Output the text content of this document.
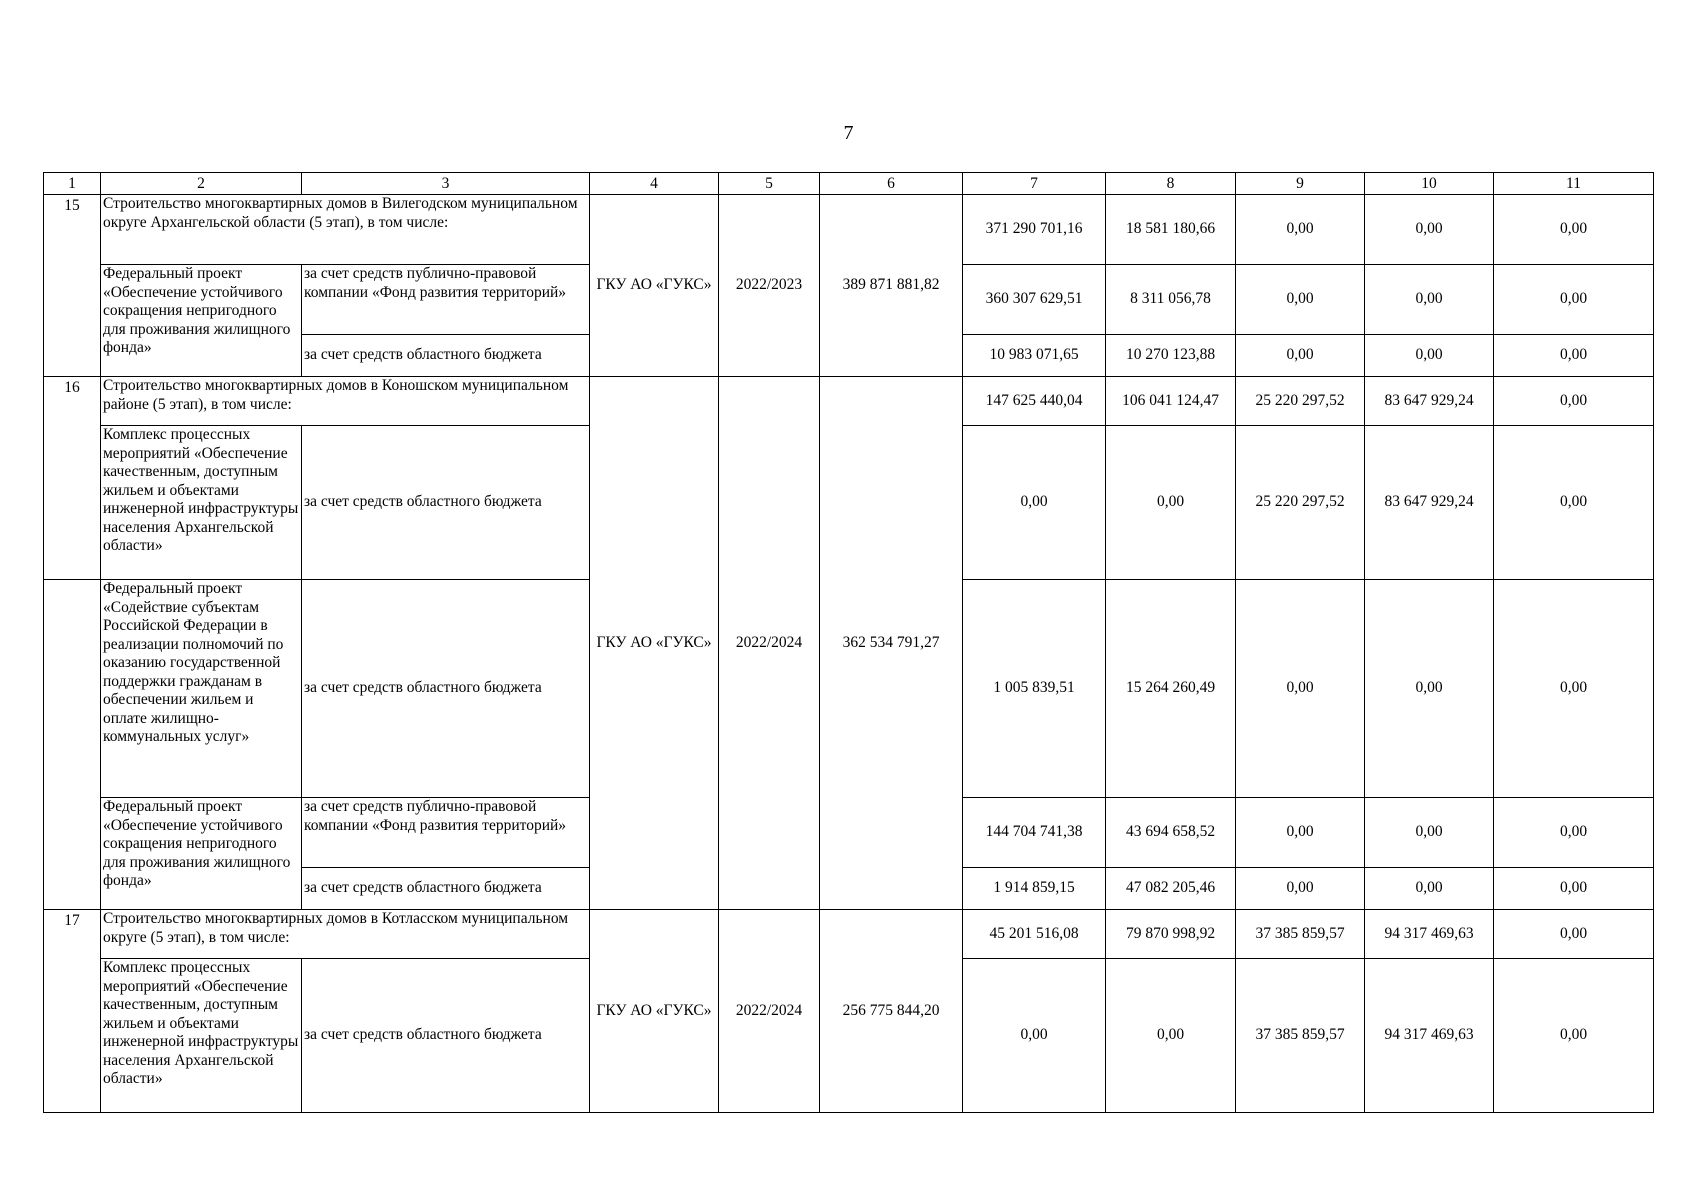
7
1	2	3	4	5	6	7	8	9	10	11
15	Строительство многоквартирных домов в Вилегодском муниципальном округе Архангельской области (5 этап), в том числе:		ГКУ АО «ГУКС»	2022/2023	389 871 881,82	371 290 701,16	18 581 180,66	0,00	0,00	0,00
	Федеральный проект «Обеспечение устойчивого сокращения непригодного для проживания жилищного фонда»	за счет средств публично-правовой компании «Фонд развития территорий»				360 307 629,51	8 311 056,78	0,00	0,00	0,00
		за счет средств областного бюджета				10 983 071,65	10 270 123,88	0,00	0,00	0,00
16	Строительство многоквартирных домов в Коношском муниципальном районе (5 этап), в том числе:		ГКУ АО «ГУКС»	2022/2024	362 534 791,27	147 625 440,04	106 041 124,47	25 220 297,52	83 647 929,24	0,00
	Комплекс процессных мероприятий «Обеспечение качественным, доступным жильем и объектами инженерной инфраструктуры населения Архангельской области»	за счет средств областного бюджета				0,00	0,00	25 220 297,52	83 647 929,24	0,00
	Федеральный проект «Содействие субъектам Российской Федерации в реализации полномочий по оказанию государственной поддержки гражданам в обеспечении жильем и оплате жилищно-коммунальных услуг»	за счет средств областного бюджета				1 005 839,51	15 264 260,49	0,00	0,00	0,00
	Федеральный проект «Обеспечение устойчивого сокращения непригодного для проживания жилищного фонда»	за счет средств публично-правовой компании «Фонд развития территорий»				144 704 741,38	43 694 658,52	0,00	0,00	0,00
		за счет средств областного бюджета				1 914 859,15	47 082 205,46	0,00	0,00	0,00
17	Строительство многоквартирных домов в Котласском муниципальном округе (5 этап), в том числе:		ГКУ АО «ГУКС»	2022/2024	256 775 844,20	45 201 516,08	79 870 998,92	37 385 859,57	94 317 469,63	0,00
	Комплекс процессных мероприятий «Обеспечение качественным, доступным жильем и объектами инженерной инфраструктуры населения Архангельской области»	за счет средств областного бюджета				0,00	0,00	37 385 859,57	94 317 469,63	0,00
